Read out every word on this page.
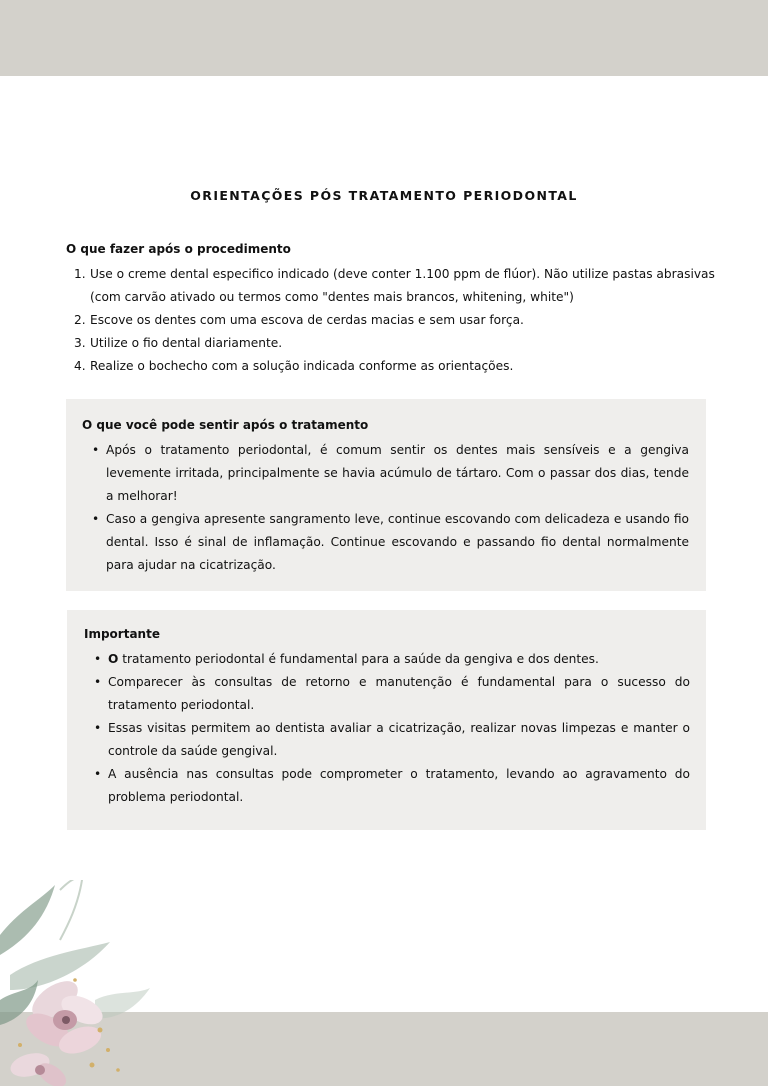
ORIENTAÇÕES PÓS TRATAMENTO PERIODONTAL
O que fazer após o procedimento
1. Use o creme dental especifico indicado (deve conter 1.100 ppm de flúor). Não utilize pastas abrasivas (com carvão ativado ou termos como "dentes mais brancos, whitening, white")
2. Escove os dentes com uma escova de cerdas macias e sem usar força.
3. Utilize o fio dental diariamente.
4. Realize o bochecho com a solução indicada conforme as orientações.
O que você pode sentir após o tratamento
• Após o tratamento periodontal, é comum sentir os dentes mais sensíveis e a gengiva levemente irritada, principalmente se havia acúmulo de tártaro. Com o passar dos dias, tende a melhorar!
• Caso a gengiva apresente sangramento leve, continue escovando com delicadeza e usando fio dental. Isso é sinal de inflamação. Continue escovando e passando fio dental normalmente para ajudar na cicatrização.
Importante
• O tratamento periodontal é fundamental para a saúde da gengiva e dos dentes.
• Comparecer às consultas de retorno e manutenção é fundamental para o sucesso do tratamento periodontal.
• Essas visitas permitem ao dentista avaliar a cicatrização, realizar novas limpezas e manter o controle da saúde gengival.
• A ausência nas consultas pode comprometer o tratamento, levando ao agravamento do problema periodontal.
